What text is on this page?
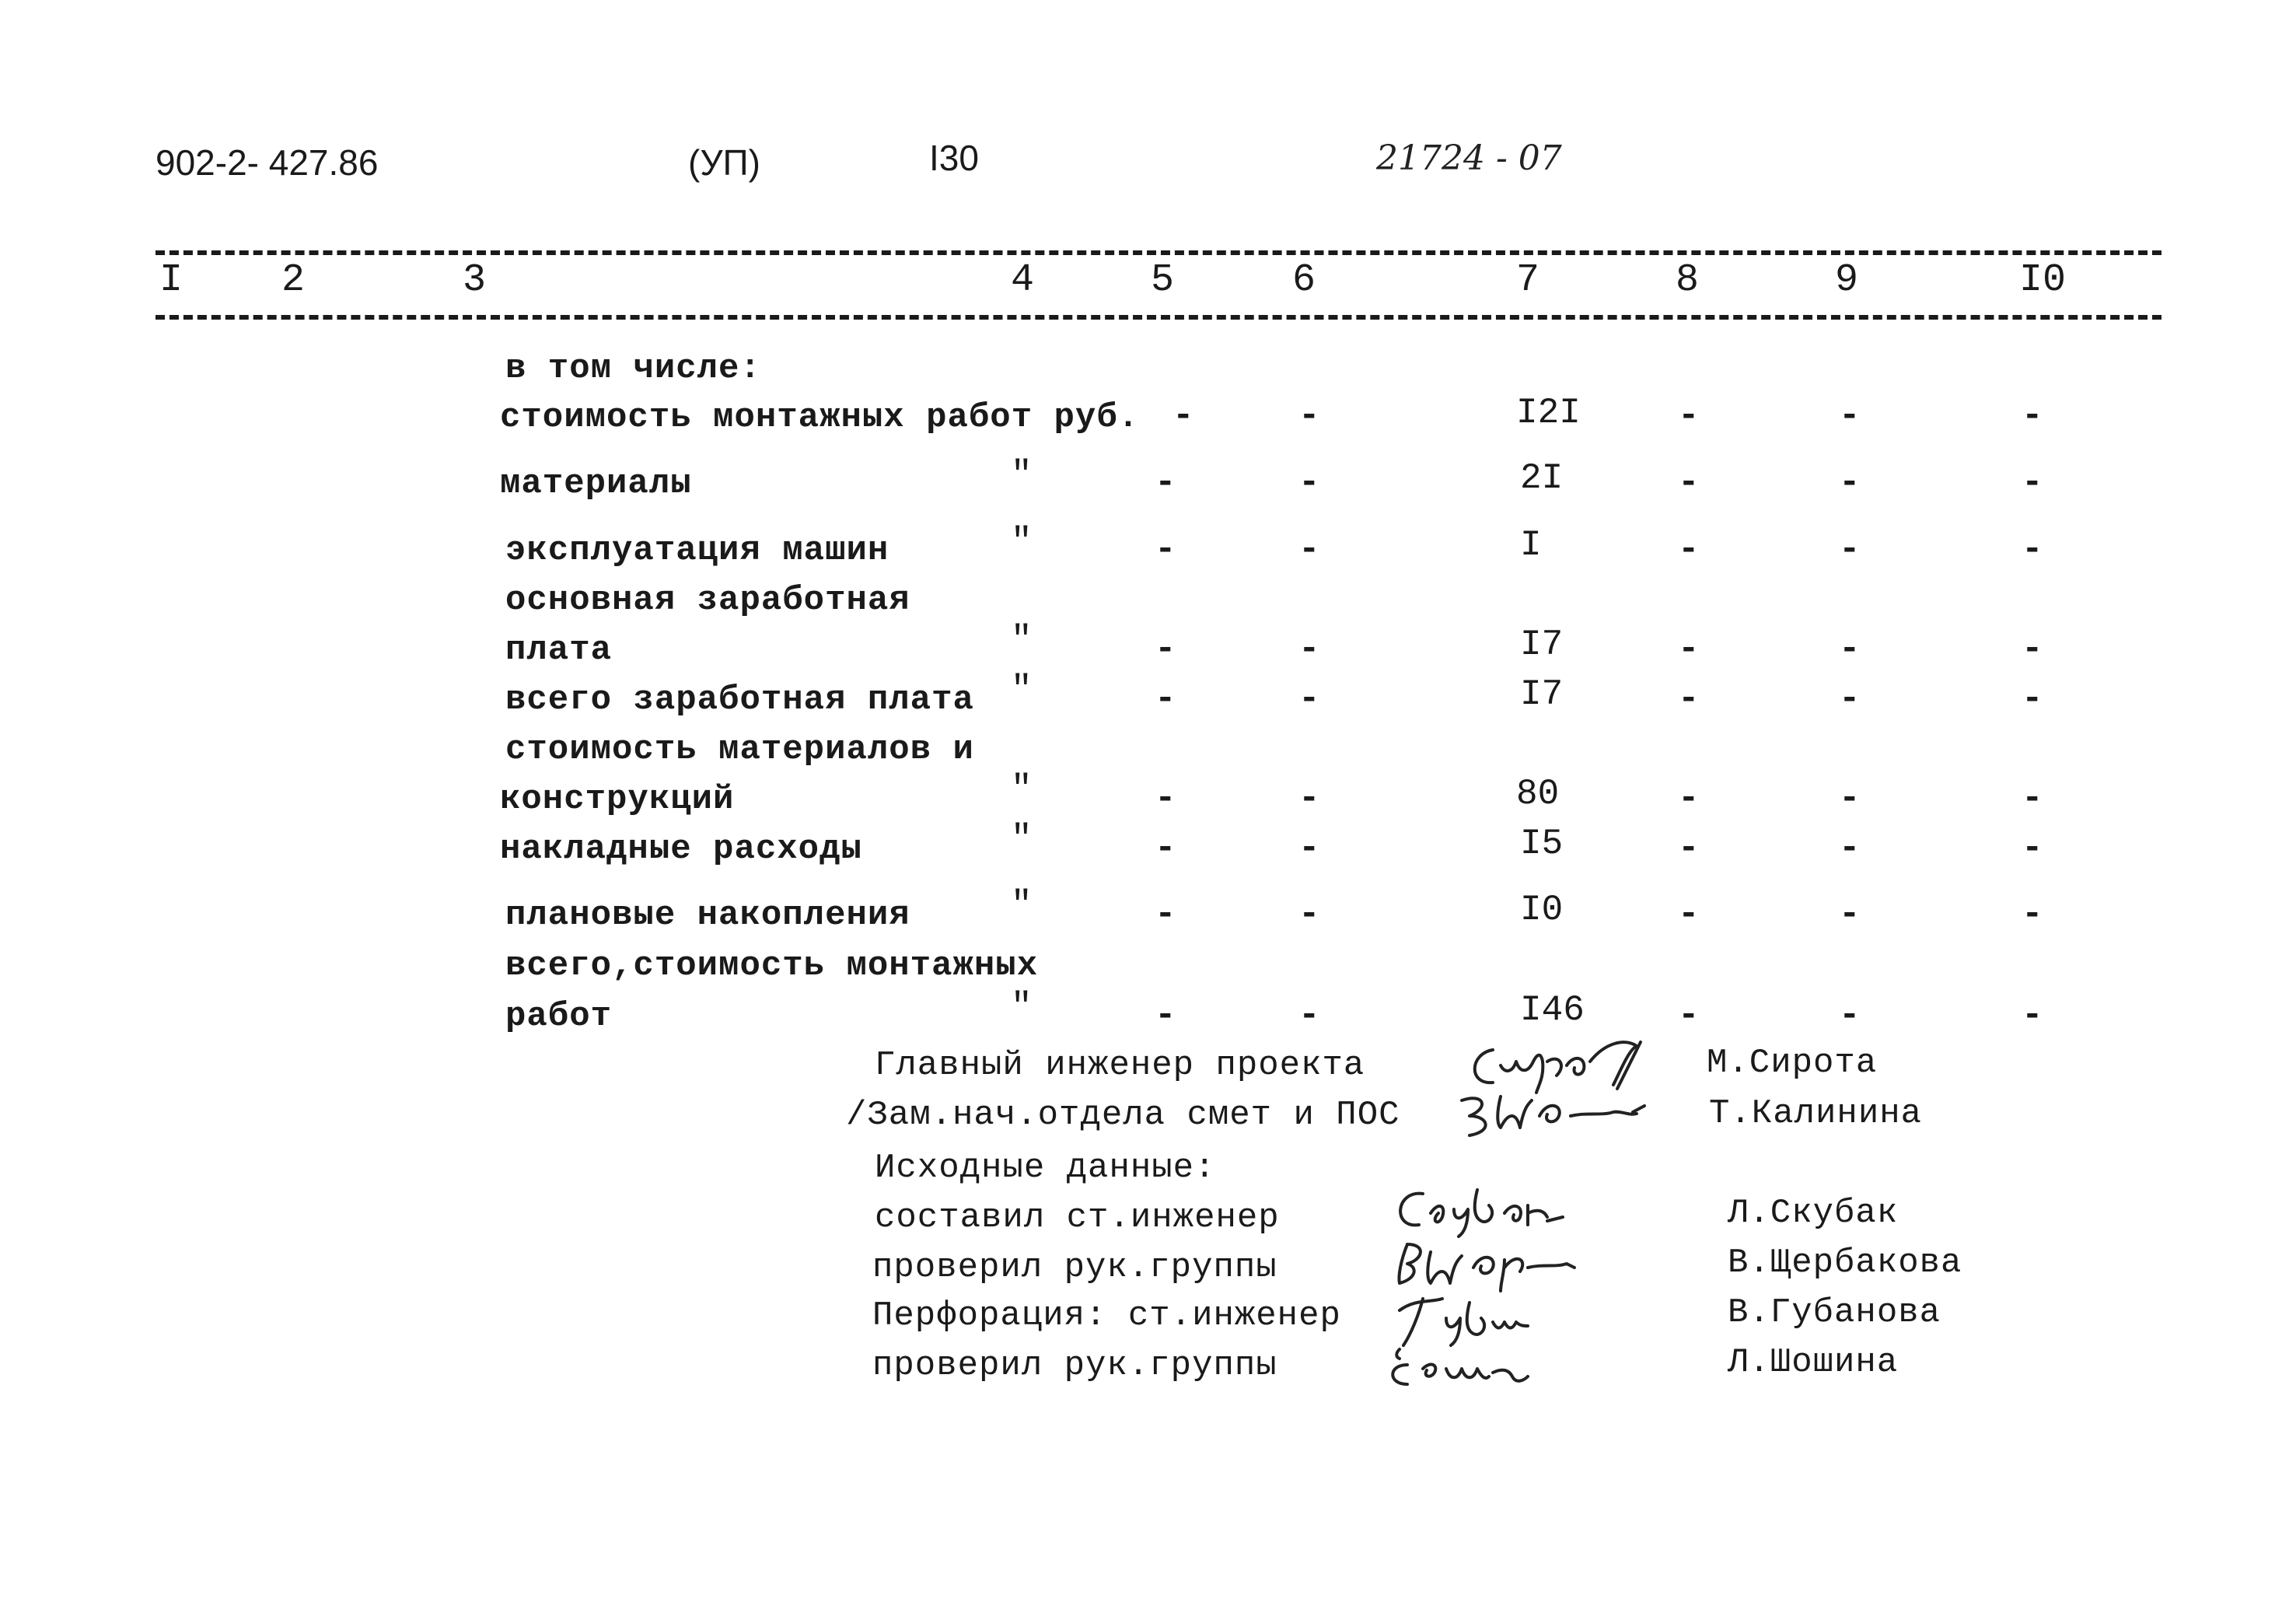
902-2- 427.86	(УП)	I30	21724 - 07
I	2	3	4	5	6	7	8	9	I0
в том числе:
стоимость монтажных работ руб. -	-	I2I	-	-	-
материалы	"	-	-	2I	-	-	-
эксплуатация машин	"	-	-	I	-	-	-
основная заработная
плата	"	-	-	I7	-	-	-
всего заработная плата "	-	-	I7	-	-	-
стоимость материалов и
конструкций	"	-	-	80	-	-	-
накладные расходы	"	-	-	I5	-	-	-
плановые накопления	"	-	-	I0	-	-	-
всего,стоимость монтажных
работ	"	-	-	I46	-	-	-
Главный инженер проекта	М.Сирота
/Зам.нач.отдела смет и ПОС	Т.Калинина
Исходные данные:
составил ст.инженер	Л.Скубак
проверил рук.группы	В.Щербакова
Перфорация: ст.инженер	В.Губанова
проверил рук.группы	Л.Шошина
